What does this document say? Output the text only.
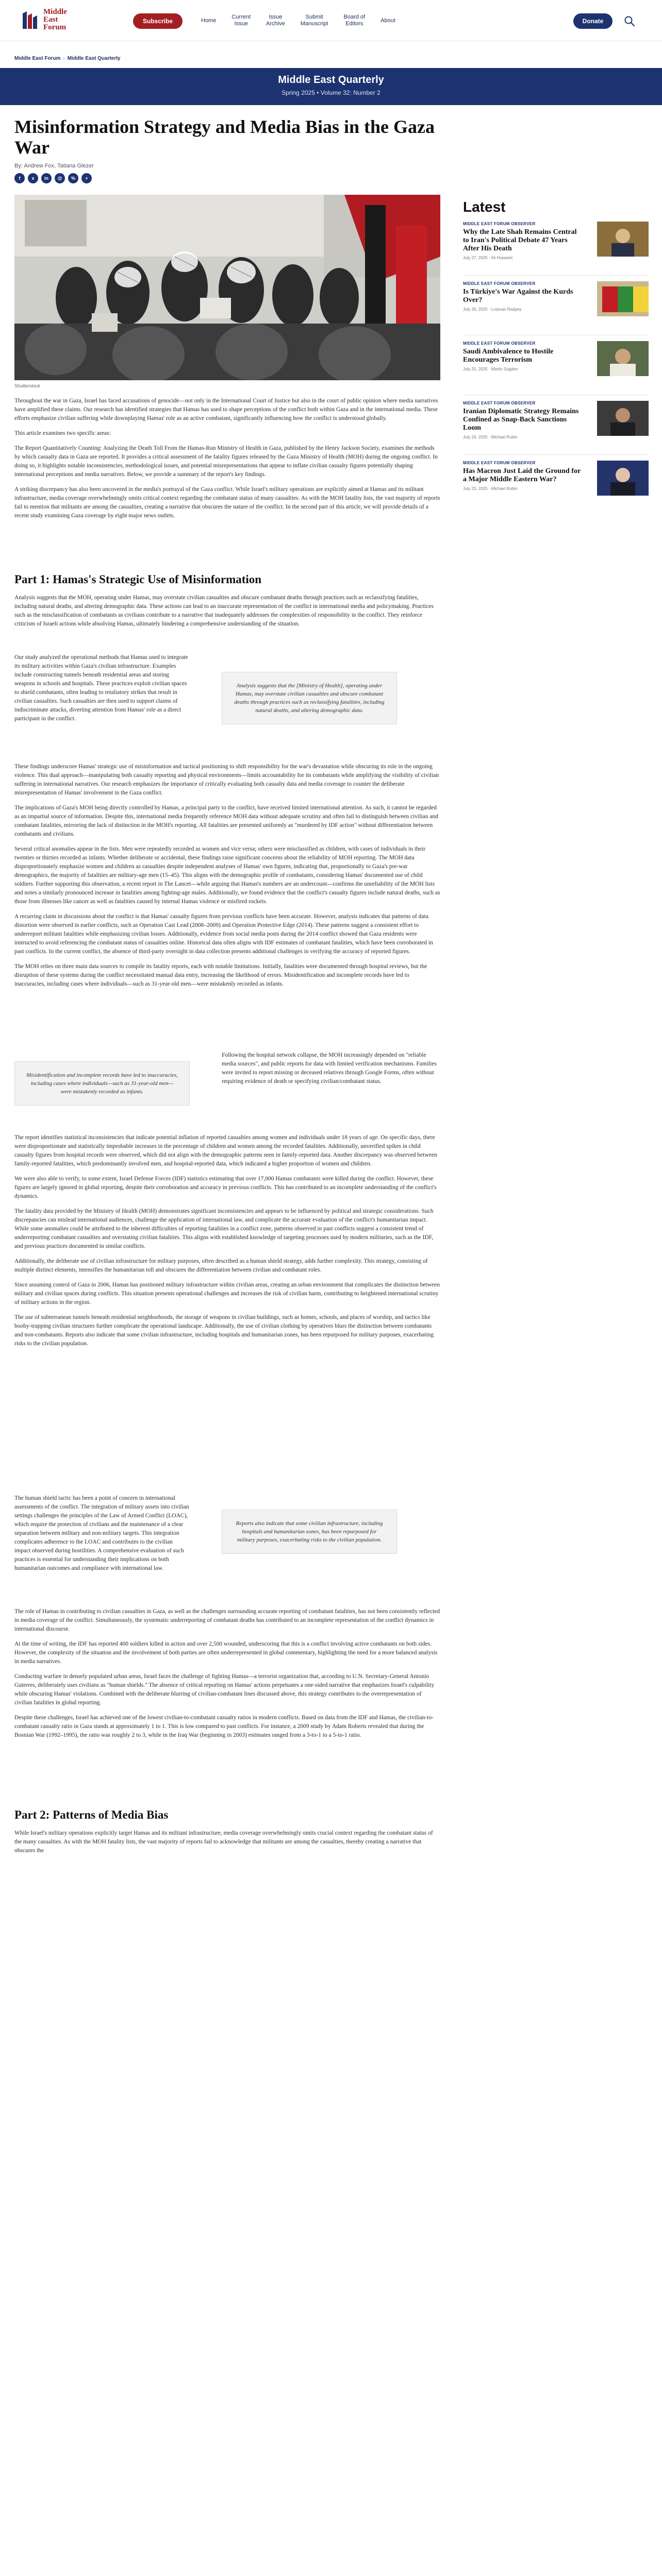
Middle
East
Forum
Subscribe	Home
Current
Issue
Issue
Archive
Submit
Manuscript
Board of
Editors
About	Donate
Middle East Forum › Middle East Quarterly
Middle East Quarterly
Spring 2025 • Volume 32: Number 2
Misinformation Strategy and Media Bias in the Gaza War
By: Andrew Fox, Tatiana Glezer
f	x	in	@	%	+
Shutterstock
Latest
MIDDLE EAST FORUM OBSERVER
Why the Late Shah Remains Central to Iran's Political Debate 47 Years After His Death
July 27, 2025 · Ali Hosseini
MIDDLE EAST FORUM OBSERVER
Is Türkiye's War Against the Kurds Over?
July 26, 2025 · Loqman Radpey
MIDDLE EAST FORUM OBSERVER
Saudi Ambivalence to Hostile Encourages Terrorism
July 25, 2025 · Martin Sugden
MIDDLE EAST FORUM OBSERVER
Iranian Diplomatic Strategy Remains Confined as Snap-Back Sanctions Loom
July 24, 2025 · Michael Rubin
MIDDLE EAST FORUM OBSERVER
Has Macron Just Laid the Ground for a Major Middle Eastern War?
July 23, 2025 · Michael Rubin

Throughout the war in Gaza, Israel has faced accusations of genocide—not only in the International Court of Justice but also in the court of public opinion where media narratives have amplified these claims. Our research has identified strategies that Hamas has used to shape perceptions of the conflict both within Gaza and in the international media. These efforts emphasize civilian suffering while downplaying Hamas' role as an active combatant, significantly influencing how the conflict is understood globally.

This article examines two specific areas:

The Report Quantitatively Counting: Analyzing the Death Toll From the Hamas-Run Ministry of Health in Gaza, published by the Henry Jackson Society, examines the methods by which casualty data in Gaza are reported. It provides a critical assessment of the fatality figures released by the Gaza Ministry of Health (MOH) during the ongoing conflict. In doing so, it highlights notable inconsistencies, methodological issues, and potential misrepresentations that appear to inflate civilian casualty figures potentially shaping international perceptions and media narratives. Below, we provide a summary of the report's key findings.

A striking discrepancy has also been uncovered in the media's portrayal of the Gaza conflict. While Israel's military operations are explicitly aimed at Hamas and its militant infrastructure, media coverage overwhelmingly omits critical context regarding the combatant status of many casualties. As with the MOH fatality lists, the vast majority of reports fail to mention that militants are among the casualties, creating a narrative that obscures the nature of the conflict. In the second part of this article, we will provide details of a recent study examining Gaza coverage by eight major news outlets.

Part 1: Hamas's Strategic Use of Misinformation

Analysis suggests that the MOH, operating under Hamas, may overstate civilian casualties and obscure combatant deaths through practices such as reclassifying fatalities, including natural deaths, and altering demographic data. These actions can lead to an inaccurate representation of the conflict in international media and policymaking. Practices such as the misclassification of combatants as civilians contribute to a narrative that inadequately addresses the complexities of responsibility in the conflict. They reinforce criticism of Israeli actions while absolving Hamas, ultimately hindering a comprehensive understanding of the situation.

Our study analyzed the operational methods that Hamas used to integrate its military activities within Gaza's civilian infrastructure. Examples include constructing tunnels beneath residential areas and storing weapons in schools and hospitals. These practices exploit civilian spaces to shield combatants, often leading to retaliatory strikes that result in civilian casualties. Such casualties are then used to support claims of indiscriminate attacks, diverting attention from Hamas' role as a direct participant in the conflict.

Analysis suggests that the [Ministry of Health], operating under Hamas, may overstate civilian casualties and obscure combatant deaths through practices such as reclassifying fatalities, including natural deaths, and altering demographic data.

These findings underscore Hamas' strategic use of misinformation and tactical positioning to shift responsibility for the war's devastation while obscuring its role in the ongoing violence. This dual approach—manipulating both casualty reporting and physical environments—limits accountability for its combatants while amplifying the visibility of civilian suffering in international narratives. Our research emphasizes the importance of critically evaluating both casualty data and media coverage to counter the deliberate misrepresentation of Hamas' involvement in the Gaza conflict.

The implications of Gaza's MOH being directly controlled by Hamas, a principal party to the conflict, have received limited international attention. As such, it cannot be regarded as an impartial source of information. Despite this, international media frequently reference MOH data without adequate scrutiny and often fail to distinguish between civilian and combatant fatalities, mirroring the lack of distinction in the MOH's reporting. All fatalities are presented uniformly as "murdered by IDF action" without differentiation between combatants and civilians.

Several critical anomalies appear in the lists. Men were repeatedly recorded as women and vice versa; others were misclassified as children, with cases of individuals in their twenties or thirties recorded as infants. Whether deliberate or accidental, these findings raise significant concerns about the reliability of MOH reporting. The MOH data disproportionately emphasize women and children as casualties despite independent analyses of Hamas' own figures, indicating that, proportionally to Gaza's pre-war demographics, the majority of fatalities are military-age men (15–45). This aligns with the demographic profile of combatants, considering Hamas' documented use of child soldiers. Further supporting this observation, a recent report in The Lancet—while arguing that Hamas's numbers are an undercount—confirms the unreliability of the MOH lists and notes a similarly pronounced increase in fatalities among fighting-age males. Additionally, we found evidence that the conflict's casualty figures include natural deaths, such as those from illnesses like cancer as well as fatalities caused by internal Hamas violence or misfired rockets.

A recurring claim in discussions about the conflict is that Hamas' casualty figures from previous conflicts have been accurate. However, analysis indicates that patterns of data distortion were observed in earlier conflicts, such as Operation Cast Lead (2008–2009) and Operation Protective Edge (2014). These patterns suggest a consistent effort to underreport militant fatalities while emphasizing civilian losses. Additionally, evidence from social media posts during the 2014 conflict showed that Gaza residents were instructed to avoid referencing the combatant status of casualties online. Historical data often aligns with IDF estimates of combatant fatalities, which have been corroborated in past conflicts. In the current conflict, the absence of third-party oversight in data collection presents additional challenges in verifying the accuracy of reported figures.

The MOH relies on three main data sources to compile its fatality reports, each with notable limitations. Initially, fatalities were documented through hospital reviews, but the disruption of these systems during the conflict necessitated manual data entry, increasing the likelihood of errors. Misidentification and incomplete records have led to inaccuracies, including cases where individuals—such as 31-year-old men—were mistakenly recorded as infants.

Misidentification and incomplete records have led to inaccuracies, including cases where individuals—such as 31-year-old men—were mistakenly recorded as infants.

Following the hospital network collapse, the MOH increasingly depended on "reliable media sources", and public reports for data with limited verification mechanisms. Families were invited to report missing or deceased relatives through Google Forms, often without requiring evidence of death or specifying civilian/combatant status.

The report identifies statistical inconsistencies that indicate potential inflation of reported casualties among women and individuals under 18 years of age. On specific days, there were disproportionate and statistically improbable increases in the percentage of children and women among the recorded fatalities. Additionally, unverified spikes in child casualty figures from hospital records were observed, which did not align with the demographic patterns seen in family-reported data. Another discrepancy was observed between family-reported fatalities, which predominantly involved men, and hospital-reported data, which indicated a higher proportion of women and children.

We were also able to verify, to some extent, Israel Defense Forces (IDF) statistics estimating that over 17,000 Hamas combatants were killed during the conflict. However, these figures are largely ignored in global reporting, despite their corroboration and accuracy in previous conflicts. This has contributed to an incomplete understanding of the conflict's dynamics.

The fatality data provided by the Ministry of Health (MOH) demonstrates significant inconsistencies and appears to be influenced by political and strategic considerations. Such discrepancies can mislead international audiences, challenge the application of international law, and complicate the accurate evaluation of the conflict's humanitarian impact. While some anomalies could be attributed to the inherent difficulties of reporting fatalities in a conflict zone, patterns observed in past conflicts suggest a consistent trend of underreporting combatant casualties and overstating civilian fatalities. This aligns with established knowledge of targeting processes used by modern militaries, such as the IDF, and previous practices documented in similar conflicts.

Additionally, the deliberate use of civilian infrastructure for military purposes, often described as a human shield strategy, adds further complexity. This strategy, consisting of multiple distinct elements, intensifies the humanitarian toll and obscures the differentiation between civilian and combatant roles.

Since assuming control of Gaza in 2006, Hamas has positioned military infrastructure within civilian areas, creating an urban environment that complicates the distinction between military and civilian spaces during conflicts. This situation presents operational challenges and increases the risk of civilian harm, contributing to heightened international scrutiny of military actions in the region.

The use of subterranean tunnels beneath residential neighborhoods, the storage of weapons in civilian buildings, such as homes, schools, and places of worship, and tactics like booby-trapping civilian structures further complicate the operational landscape. Additionally, the use of civilian clothing by operatives blurs the distinction between combatants and non-combatants. Reports also indicate that some civilian infrastructure, including hospitals and humanitarian zones, has been repurposed for military purposes, exacerbating risks to the civilian population.

The human shield tactic has been a point of concern in international assessments of the conflict. The integration of military assets into civilian settings challenges the principles of the Law of Armed Conflict (LOAC), which require the protection of civilians and the maintenance of a clear separation between military and non-military targets. This integration complicates adherence to the LOAC and contributes to the civilian impact observed during hostilities. A comprehensive evaluation of such practices is essential for understanding their implications on both humanitarian outcomes and compliance with international law.

Reports also indicate that some civilian infrastructure, including hospitals and humanitarian zones, has been repurposed for military purposes, exacerbating risks to the civilian population.

The role of Hamas in contributing to civilian casualties in Gaza, as well as the challenges surrounding accurate reporting of combatant fatalities, has not been consistently reflected in media coverage of the conflict. Simultaneously, the systematic underreporting of combatant deaths has contributed to an incomplete representation of the conflict dynamics in international discourse.

At the time of writing, the IDF has reported 400 soldiers killed in action and over 2,500 wounded, underscoring that this is a conflict involving active combatants on both sides. However, the complexity of the situation and the involvement of both parties are often underrepresented in global commentary, highlighting the need for a more balanced analysis in media narratives.

Conducting warfare in densely populated urban areas, Israel faces the challenge of fighting Hamas—a terrorist organization that, according to U.N. Secretary-General Antonio Guterres, deliberately uses civilians as "human shields." The absence of critical reporting on Hamas' actions perpetuates a one-sided narrative that emphasizes Israel's culpability while obscuring Hamas' violations. Combined with the deliberate blurring of civilian-combatant lines discussed above, this strategy contributes to the overrepresentation of civilian fatalities in global reporting.

Despite these challenges, Israel has achieved one of the lowest civilian-to-combatant casualty ratios in modern conflicts. Based on data from the IDF and Hamas, the civilian-to-combatant casualty ratio in Gaza stands at approximately 1 to 1. This is low compared to past conflicts. For instance, a 2009 study by Adam Roberts revealed that during the Bosnian War (1992–1995), the ratio was roughly 2 to 3, while in the Iraq War (beginning in 2003) estimates ranged from a 3-to-1 to a 5-to-1 ratio.

Part 2: Patterns of Media Bias

While Israel's military operations explicitly target Hamas and its militant infrastructure, media coverage overwhelmingly omits crucial context regarding the combatant status of the many casualties. As with the MOH fatality lists, the vast majority of reports fail to acknowledge that militants are among the casualties, thereby creating a narrative that obscures the
